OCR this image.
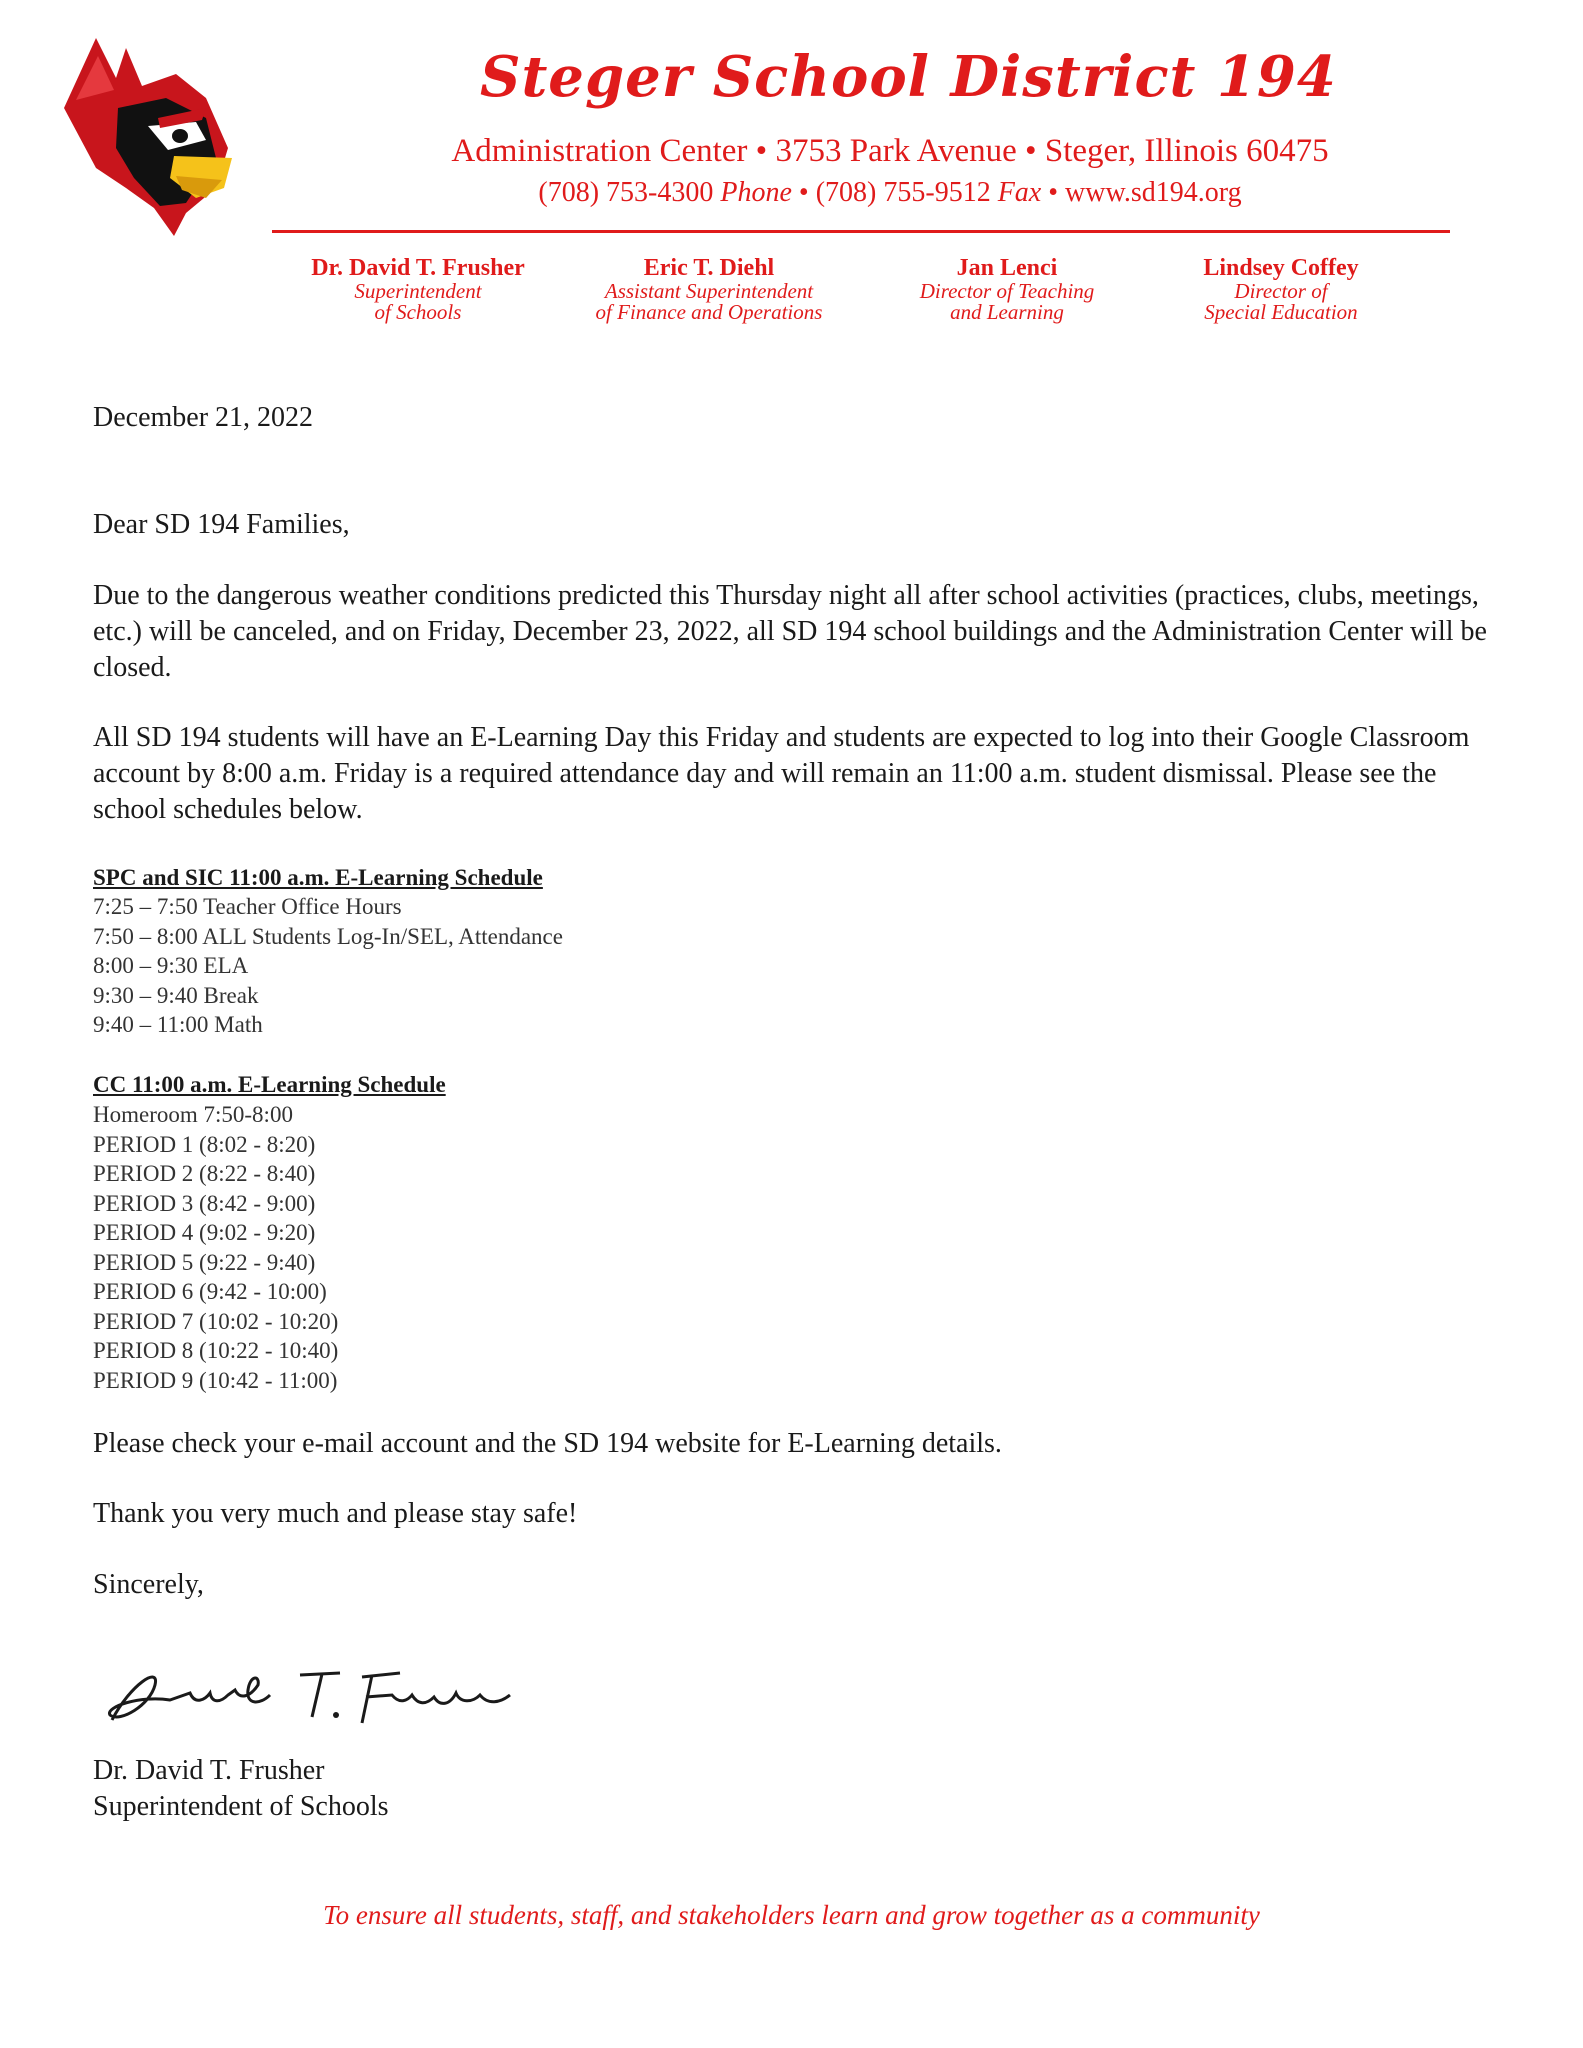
Steger School District 194
Administration Center • 3753 Park Avenue • Steger, Illinois 60475
(708) 753-4300 Phone • (708) 755-9512 Fax • www.sd194.org
Dr. David T. Frusher
Superintendent
of Schools
Eric T. Diehl
Assistant Superintendent
of Finance and Operations
Jan Lenci
Director of Teaching
and Learning
Lindsey Coffey
Director of
Special Education
December 21, 2022
Dear SD 194 Families,
Due to the dangerous weather conditions predicted this Thursday night all after school activities (practices, clubs, meetings, etc.) will be canceled, and on Friday, December 23, 2022, all SD 194 school buildings and the Administration Center will be closed.
All SD 194 students will have an E-Learning Day this Friday and students are expected to log into their Google Classroom account by 8:00 a.m. Friday is a required attendance day and will remain an 11:00 a.m. student dismissal. Please see the school schedules below.
SPC and SIC 11:00 a.m. E-Learning Schedule
7:25 – 7:50 Teacher Office Hours
7:50 – 8:00 ALL Students Log-In/SEL, Attendance
8:00 – 9:30 ELA
9:30 – 9:40 Break
9:40 – 11:00 Math
CC 11:00 a.m. E-Learning Schedule
Homeroom 7:50-8:00
PERIOD 1 (8:02 - 8:20)
PERIOD 2 (8:22 - 8:40)
PERIOD 3 (8:42 - 9:00)
PERIOD 4 (9:02 - 9:20)
PERIOD 5 (9:22 - 9:40)
PERIOD 6 (9:42 - 10:00)
PERIOD 7 (10:02 - 10:20)
PERIOD 8 (10:22 - 10:40)
PERIOD 9 (10:42 - 11:00)
Please check your e-mail account and the SD 194 website for E-Learning details.
Thank you very much and please stay safe!
Sincerely,
Dr. David T. Frusher
Superintendent of Schools
To ensure all students, staff, and stakeholders learn and grow together as a community
